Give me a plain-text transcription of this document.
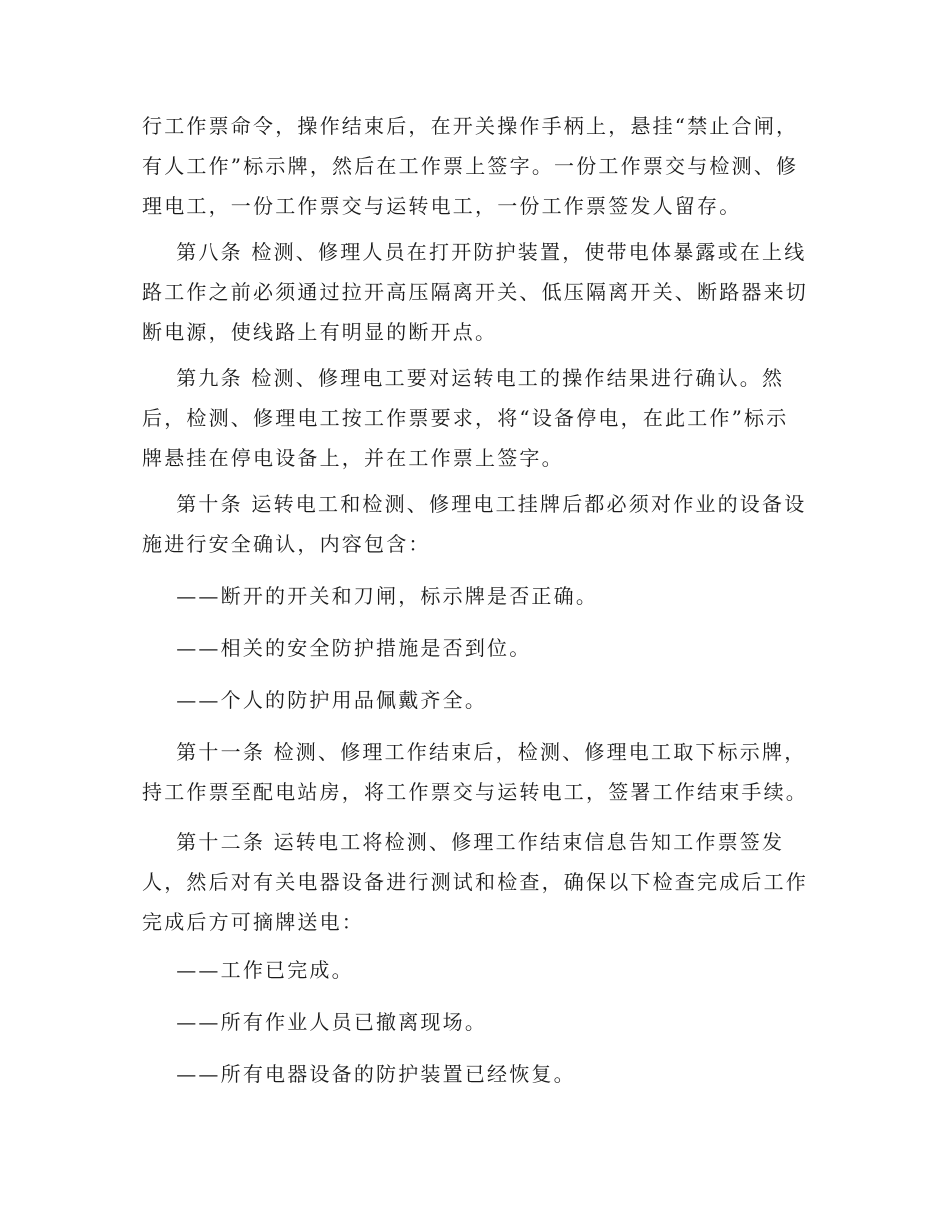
行工作票命令，操作结束后，在开关操作手柄上，悬挂“禁止合闸，
有人工作”标示牌，然后在工作票上签字。一份工作票交与检测、修
理电工，一份工作票交与运转电工，一份工作票签发人留存。

第八条 检测、修理人员在打开防护装置，使带电体暴露或在上线
路工作之前必须通过拉开高压隔离开关、低压隔离开关、断路器来切
断电源，使线路上有明显的断开点。

第九条 检测、修理电工要对运转电工的操作结果进行确认。然
后，检测、修理电工按工作票要求，将“设备停电，在此工作”标示
牌悬挂在停电设备上，并在工作票上签字。

第十条 运转电工和检测、修理电工挂牌后都必须对作业的设备设
施进行安全确认，内容包含：

——断开的开关和刀闸，标示牌是否正确。

——相关的安全防护措施是否到位。

——个人的防护用品佩戴齐全。

第十一条 检测、修理工作结束后，检测、修理电工取下标示牌，
持工作票至配电站房，将工作票交与运转电工，签署工作结束手续。

第十二条 运转电工将检测、修理工作结束信息告知工作票签发
人，然后对有关电器设备进行测试和检查，确保以下检查完成后工作
完成后方可摘牌送电：

——工作已完成。

——所有作业人员已撤离现场。

——所有电器设备的防护装置已经恢复。
